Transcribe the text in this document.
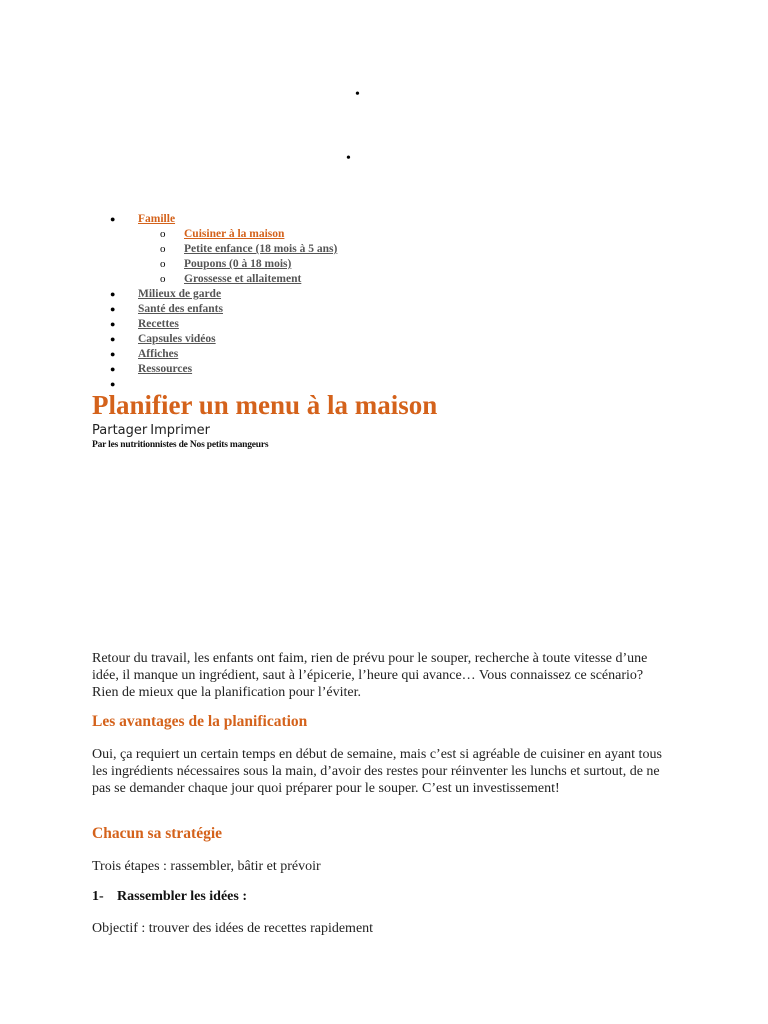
•
•
● Famille
o Cuisiner à la maison
o Petite enfance (18 mois à 5 ans)
o Poupons (0 à 18 mois)
o Grossesse et allaitement
● Milieux de garde
● Santé des enfants
● Recettes
● Capsules vidéos
● Affiches
● Ressources
●
Planifier un menu à la maison
Partager Imprimer
Par les nutritionnistes de Nos petits mangeurs

Retour du travail, les enfants ont faim, rien de prévu pour le souper, recherche à toute vitesse d’une idée, il manque un ingrédient, saut à l’épicerie, l’heure qui avance… Vous connaissez ce scénario? Rien de mieux que la planification pour l’éviter.

Les avantages de la planification

Oui, ça requiert un certain temps en début de semaine, mais c’est si agréable de cuisiner en ayant tous les ingrédients nécessaires sous la main, d’avoir des restes pour réinventer les lunchs et surtout, de ne pas se demander chaque jour quoi préparer pour le souper. C’est un investissement!

Chacun sa stratégie

Trois étapes : rassembler, bâtir et prévoir

1- Rassembler les idées :

Objectif : trouver des idées de recettes rapidement
